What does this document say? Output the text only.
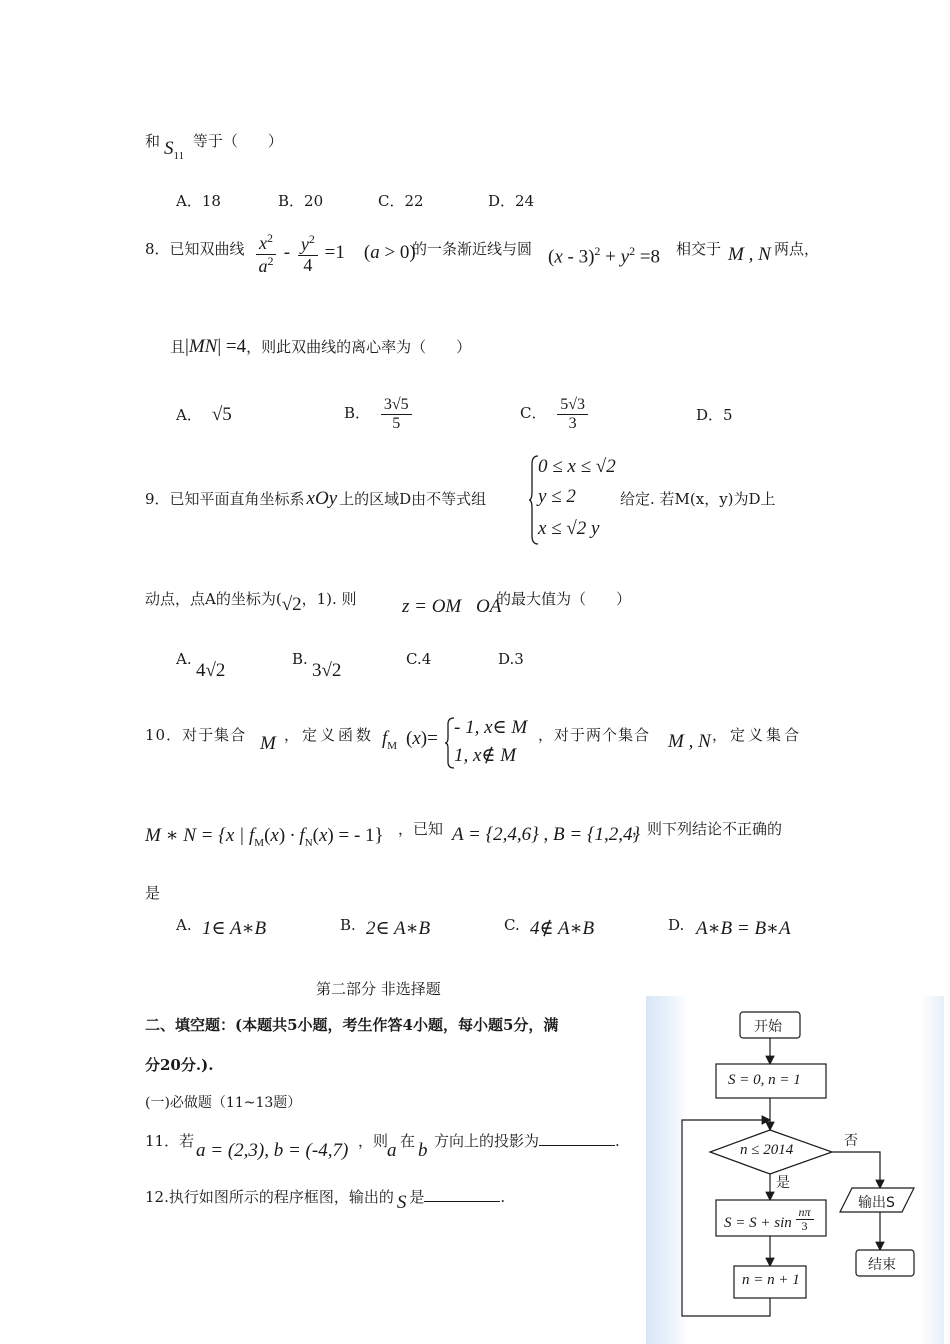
和 $S_{11}$ 等于（　　）
A．18	B．20	C．22	D．24
8．已知双曲线 $\frac{x^2}{a^2} - \frac{y^2}{4} =1$　(a > 0)
的一条渐近线与圆 $(x - 3)^2 + y^2 =8$ 相交于 M , N 两点，
且|MN| =4，则此双曲线的离心率为（　　）
A． √5	B． $\frac{3√5}{5}$	C． $\frac{5√3}{3}$	D．5
9．已知平面直角坐标系 xOy 上的区域D由不等式组
0 ≤ x ≤ √2
y ≤ 2
x ≤ √2 y
给定. 若M(x，y)为D上
动点，点A的坐标为(√2，1). 则 z = OM⃞OA
的最大值为（　　）
A.
4√2
B.
3√2
C.4	D.3
10．对于集合 M ，定义函数 $f_M$ (x)=
- 1, x∈ M
1, x∉ M
，对于两个集合 M , N ，定义集合
M ∗ N = {x | $f_M(x) \cdot f_N(x)$ = - 1} ，已知 A = {2,4,6} , B = {1,2,4}
，则下列结论不正确的
是
A. 1∈ A∗B	B. 2∈ A∗B	C. 4∉ A∗B	D. A∗B = B∗A
第二部分 非选择题
二、填空题：(本题共5小题，考生作答4小题，每小题5分，满
分20分.).
(一)必做题（11~13题）
11．若 a = (2,3), b = (-4,7) ，则
a 在 b 方向上的投影为	.
12.执行如图所示的程序框图，输出的 S 是	.
开始
S = 0, n = 1
n ≤ 2014
否
是
$S = S + \sin \frac{n\pi}{3}$
n = n + 1
输出S
结束
